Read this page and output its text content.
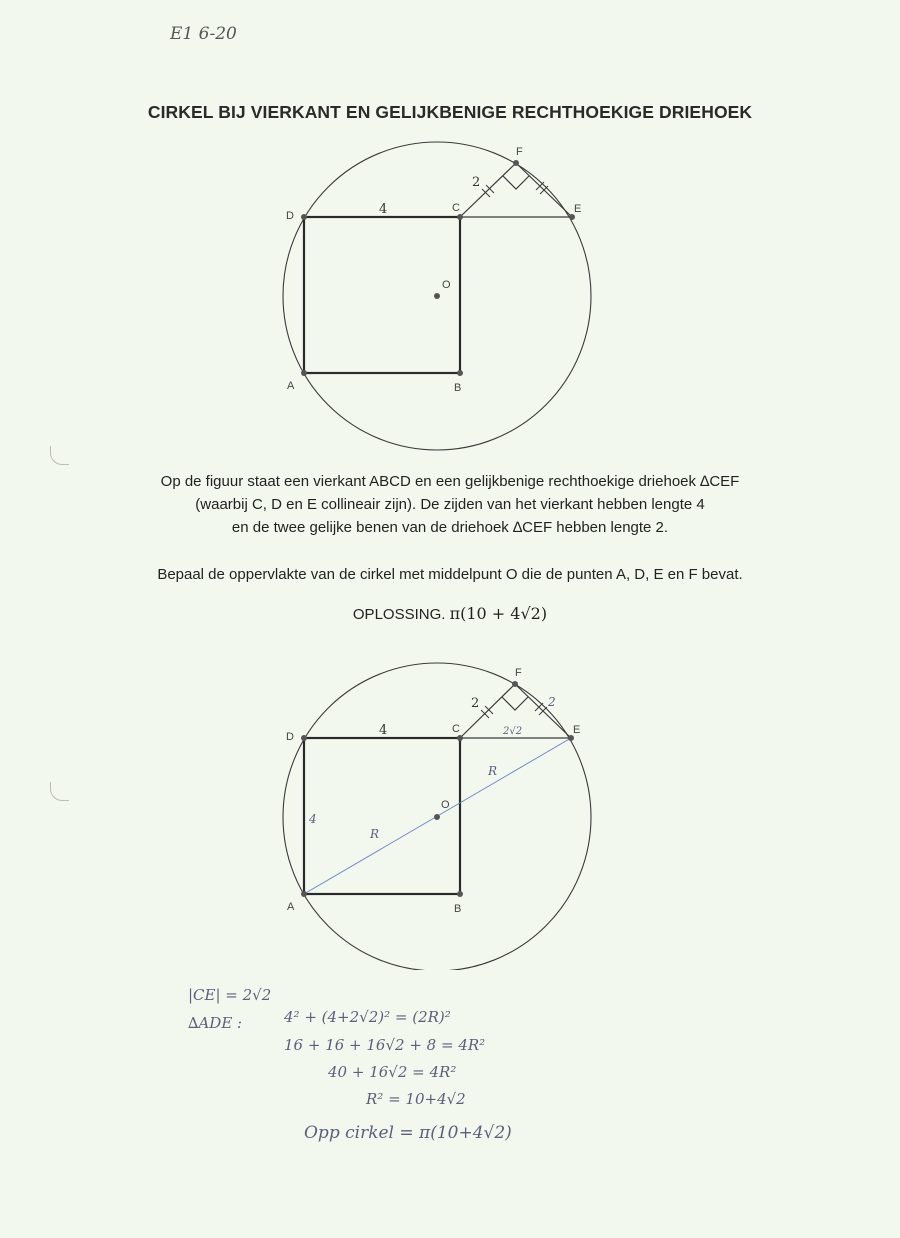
E1 6-20
CIRKEL BIJ VIERKANT EN GELIJKBENIGE RECHTHOEKIGE DRIEHOEK
A	B
C
D
E
F
O
4
2

Op de figuur staat een vierkant ABCD en een gelijkbenige rechthoekige driehoek ∆CEF

(waarbij C, D en E collineair zijn). De zijden van het vierkant hebben lengte 4

en de twee gelijke benen van de driehoek ∆CEF hebben lengte 2.

Bepaal de oppervlakte van de cirkel met middelpunt O die de punten A, D, E en F bevat.
OPLOSSING. π(10 + 4√2)
A	B
C
D
E
F
O
4
2
4
2
2√2
R
R
|CE| = 2√2
∆ADE :	4² + (4+2√2)² = (2R)²
16 + 16 + 16√2 + 8 = 4R²
40 + 16√2 = 4R²
R² = 10+4√2
Opp cirkel = π(10+4√2)
